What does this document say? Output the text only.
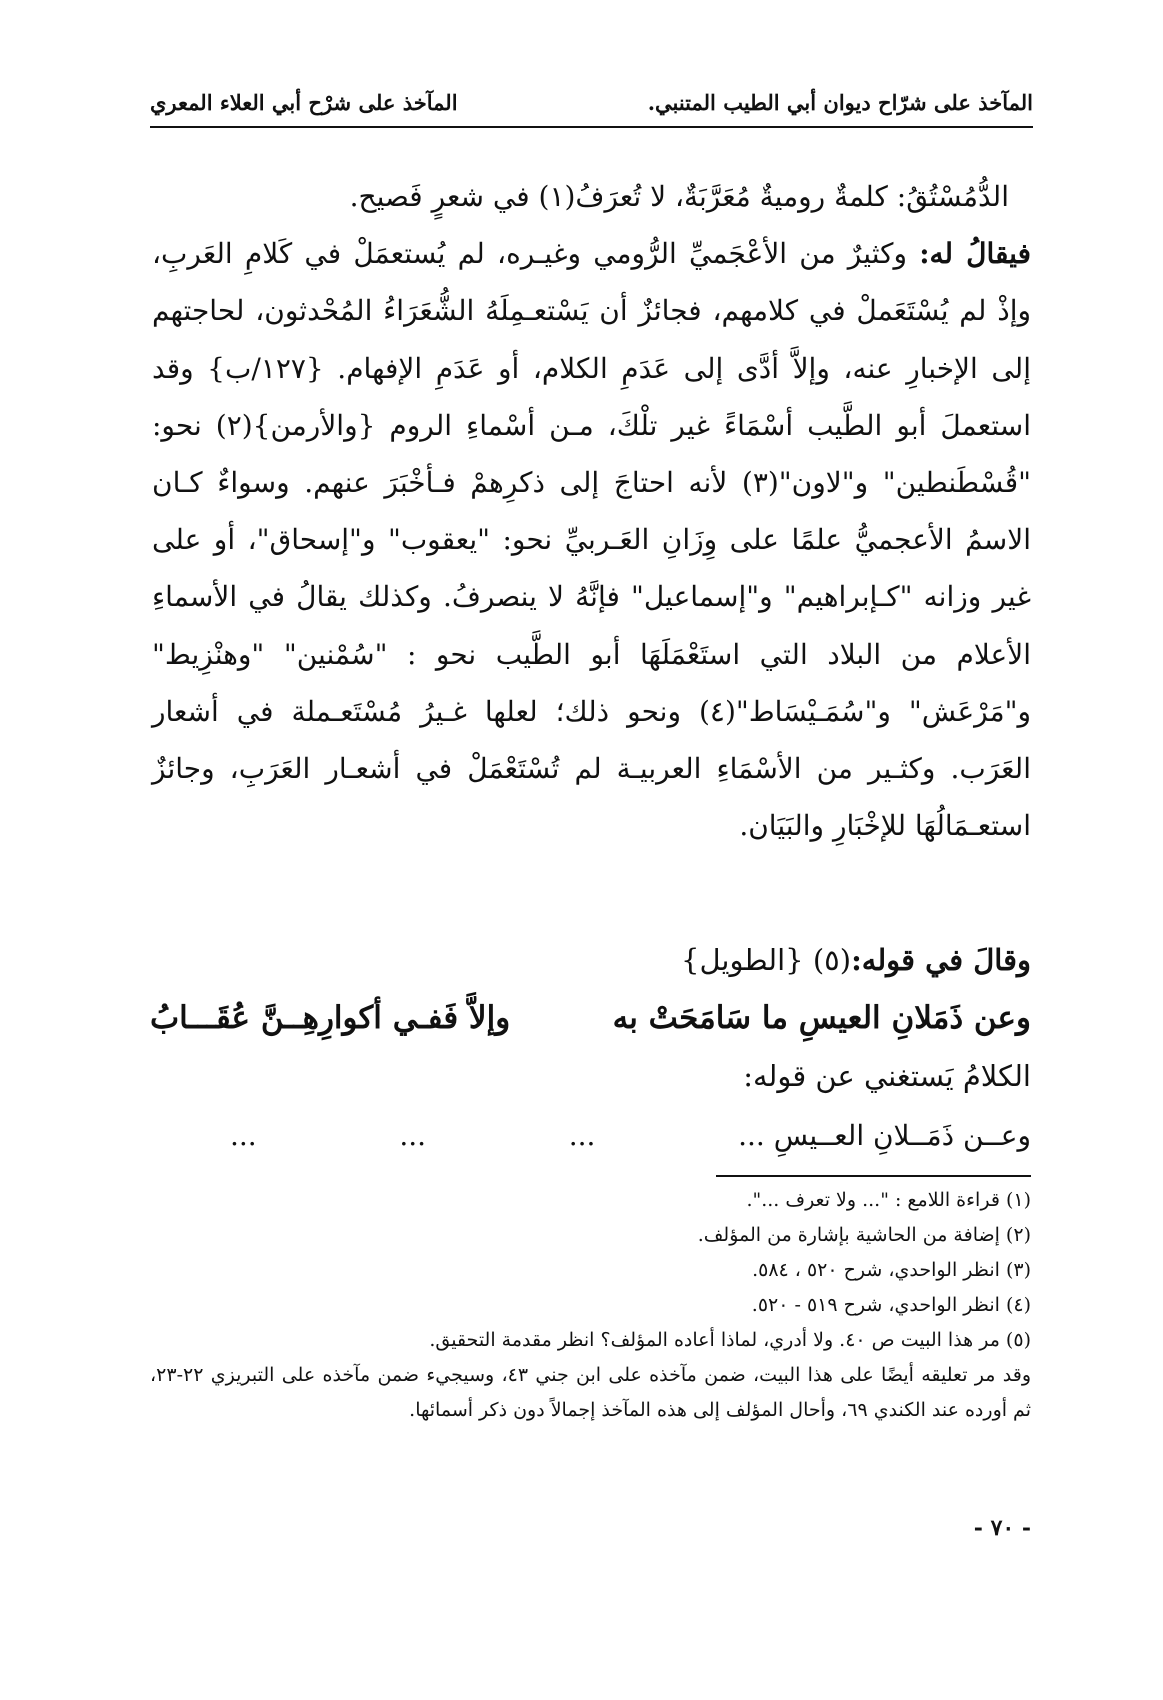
المآخذ على شرّاح ديوان أبي الطيب المتنبي
.
المآخذ على شرْح أبي العلاء المعري

الدُّمُسْتُقُ: كلمةٌ روميةٌ مُعَرَّبَةٌ، لا تُعرَفُ(١) في شعرٍ فَصيح.

فيقالُ له: وكثيرٌ من الأعْجَميِّ الرُّومي وغيـره، لم يُستعمَلْ في كَلامِ العَربِ، وإذْ لم يُسْتَعَملْ في كلامهم، فجائزٌ أن يَسْتعـمِلَهُ الشُّعَرَاءُ المُحْدثون، لحاجتهم إلى الإخبارِ عنه، وإلاَّ أدَّى إلى عَدَمِ الكلام، أو عَدَمِ الإفهام. {١٢٧/ب} وقد استعملَ أبو الطَّيب أسْمَاءً غير تلْكَ، مـن أسْماءِ الروم {والأرمن}(٢) نحو: "قُسْطَنطين" و"لاون"(٣) لأنه احتاجَ إلى ذكرِهمْ فـأخْبَرَ عنهم. وسواءٌ كـان الاسمُ الأعجميُّ علمًا على وِزَانِ العَـربيِّ نحو: "يعقوب" و"إسحاق"، أو على غير وزانه "كـإبراهيم" و"إسماعيل" فإنَّهُ لا ينصرفُ. وكذلك يقالُ في الأسماءِ الأعلام من البلاد التي استَعْمَلَهَا أبو الطَّيب نحو : "سُمْنين" "وهنْزِيط" و"مَرْعَش" و"سُمَـيْسَاط"(٤) ونحو ذلك؛ لعلها غـيرُ مُسْتَعـملة في أشعار العَرَب. وكثـير من الأسْمَاءِ العربيـة لم تُسْتَعْمَلْ في أشعـار العَرَبِ، وجائزٌ استعـمَالُهَا للإخْبَارِ والبَيَان.

وقالَ في قوله:(٥) {الطويل}
وعن ذَمَلانِ العيسِ ما سَامَحَتْ به
وإلاَّ فَفـي أكوارِهِــنَّ عُقَـــابُ
الكلامُ يَستغني عن قوله:
وعــن ذَمَــلانِ العــيسِ ...
...
...
...

(١) قراءة اللامع : "... ولا تعرف ...".

(٢) إضافة من الحاشية بإشارة من المؤلف.

(٣) انظر الواحدي، شرح ٥٢٠ ، ٥٨٤.

(٤) انظر الواحدي، شرح ٥١٩ - ٥٢٠.

(٥) مر هذا البيت ص ٤٠. ولا أدري، لماذا أعاده المؤلف؟ انظر مقدمة التحقيق.

وقد مر تعليقه أيضًا على هذا البيت، ضمن مآخذه على ابن جني ٤٣، وسيجيء ضمن مآخذه على التبريزي ٢٢-٢٣، ثم أورده عند الكندي ٦٩، وأحال المؤلف إلى هذه المآخذ إجمالاً دون ذكر أسمائها.

- ٧٠ -
